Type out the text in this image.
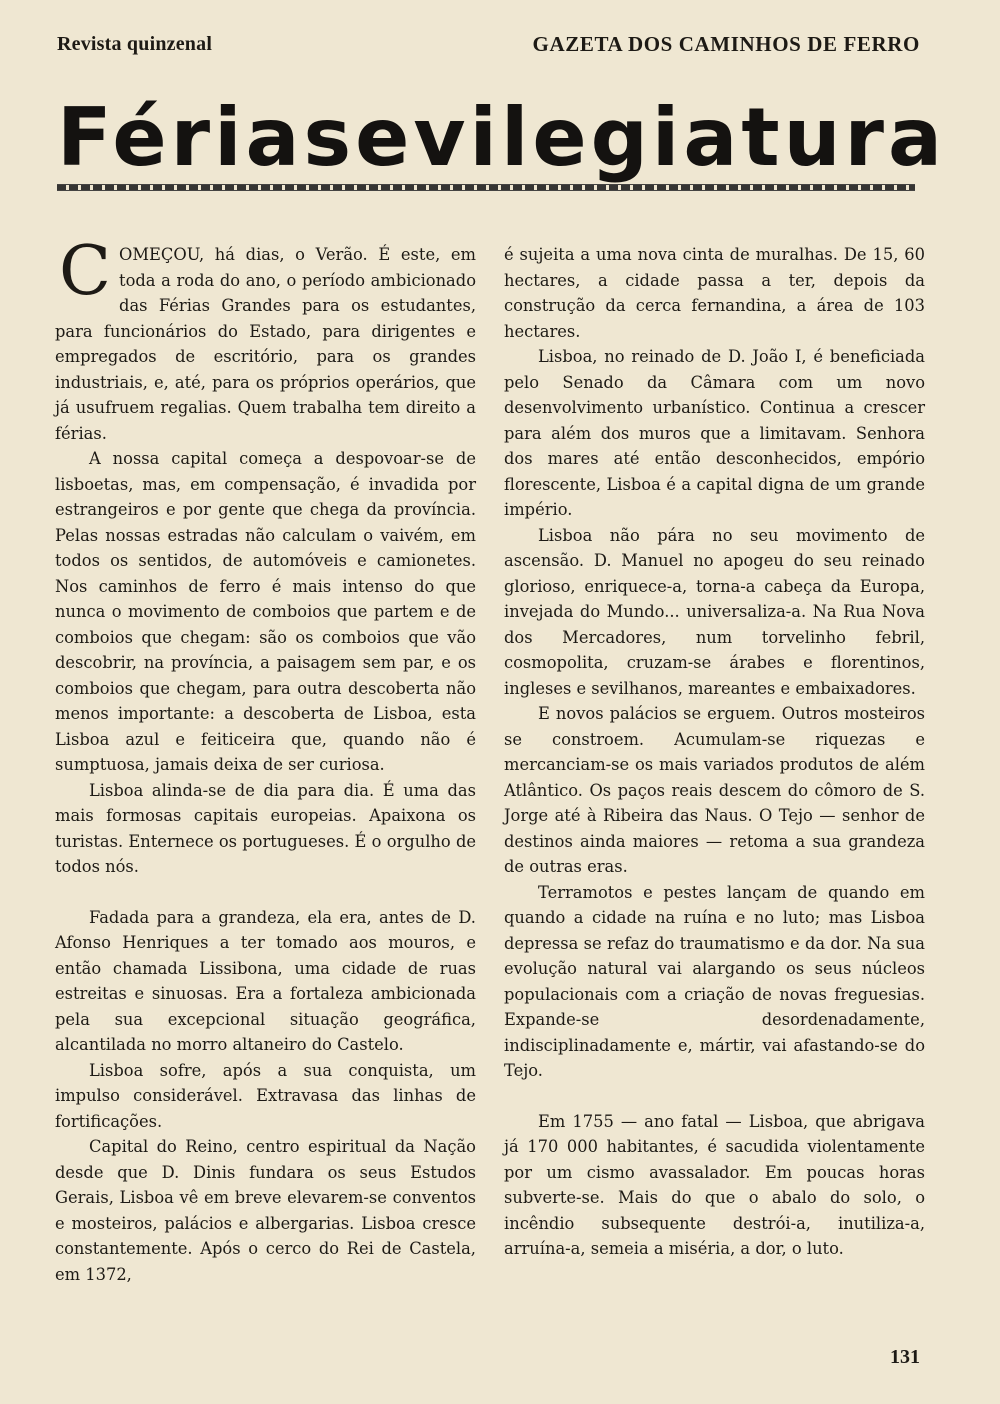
Revista quinzenal	GAZETA DOS CAMINHOS DE FERRO
Férias e vilegiatura

COMEÇOU, há dias, o Verão. É este, em toda a roda do ano, o período ambicionado das Férias Grandes para os estudantes, para funcionários do Estado, para dirigentes e empregados de escritório, para os grandes industriais, e, até, para os próprios operários, que já usufruem regalias. Quem trabalha tem direito a férias.

A nossa capital começa a despovoar-se de lisboetas, mas, em compensação, é invadida por estrangeiros e por gente que chega da província. Pelas nossas estradas não calculam o vaivém, em todos os sentidos, de automóveis e camionetes. Nos caminhos de ferro é mais intenso do que nunca o movimento de comboios que partem e de comboios que chegam: são os comboios que vão descobrir, na província, a paisagem sem par, e os comboios que chegam, para outra descoberta não menos importante: a descoberta de Lisboa, esta Lisboa azul e feiticeira que, quando não é sumptuosa, jamais deixa de ser curiosa.

Lisboa alinda-se de dia para dia. É uma das mais formosas capitais europeias. Apaixona os turistas. Enternece os portugueses. É o orgulho de todos nós.

Fadada para a grandeza, ela era, antes de D. Afonso Henriques a ter tomado aos mouros, e então chamada Lissibona, uma cidade de ruas estreitas e sinuosas. Era a fortaleza ambicionada pela sua excepcional situação geográfica, alcantilada no morro altaneiro do Castelo.

Lisboa sofre, após a sua conquista, um impulso considerável. Extravasa das linhas de fortificações.

Capital do Reino, centro espiritual da Nação desde que D. Dinis fundara os seus Estudos Gerais, Lisboa vê em breve elevarem-se conventos e mosteiros, palácios e albergarias. Lisboa cresce constantemente. Após o cerco do Rei de Castela, em 1372,

é sujeita a uma nova cinta de muralhas. De 15, 60 hectares, a cidade passa a ter, depois da construção da cerca fernandina, a área de 103 hectares.

Lisboa, no reinado de D. João I, é beneficiada pelo Senado da Câmara com um novo desenvolvimento urbanístico. Continua a crescer para além dos muros que a limitavam. Senhora dos mares até então desconhecidos, empório florescente, Lisboa é a capital digna de um grande império.

Lisboa não pára no seu movimento de ascensão. D. Manuel no apogeu do seu reinado glorioso, enriquece-a, torna-a cabeça da Europa, invejada do Mundo... universaliza-a. Na Rua Nova dos Mercadores, num torvelinho febril, cosmopolita, cruzam-se árabes e florentinos, ingleses e sevilhanos, mareantes e embaixadores.

E novos palácios se erguem. Outros mosteiros se constroem. Acumulam-se riquezas e mercanciam-se os mais variados produtos de além Atlântico. Os paços reais descem do cômoro de S. Jorge até à Ribeira das Naus. O Tejo — senhor de destinos ainda maiores — retoma a sua grandeza de outras eras.

Terramotos e pestes lançam de quando em quando a cidade na ruína e no luto; mas Lisboa depressa se refaz do traumatismo e da dor. Na sua evolução natural vai alargando os seus núcleos populacionais com a criação de novas freguesias. Expande-se desordenadamente, indisciplinadamente e, mártir, vai afastando-se do Tejo.

Em 1755 — ano fatal — Lisboa, que abrigava já 170 000 habitantes, é sacudida violentamente por um cismo avassalador. Em poucas horas subverte-se. Mais do que o abalo do solo, o incêndio subsequente destrói-a, inutiliza-a, arruína-a, semeia a miséria, a dor, o luto.

131
